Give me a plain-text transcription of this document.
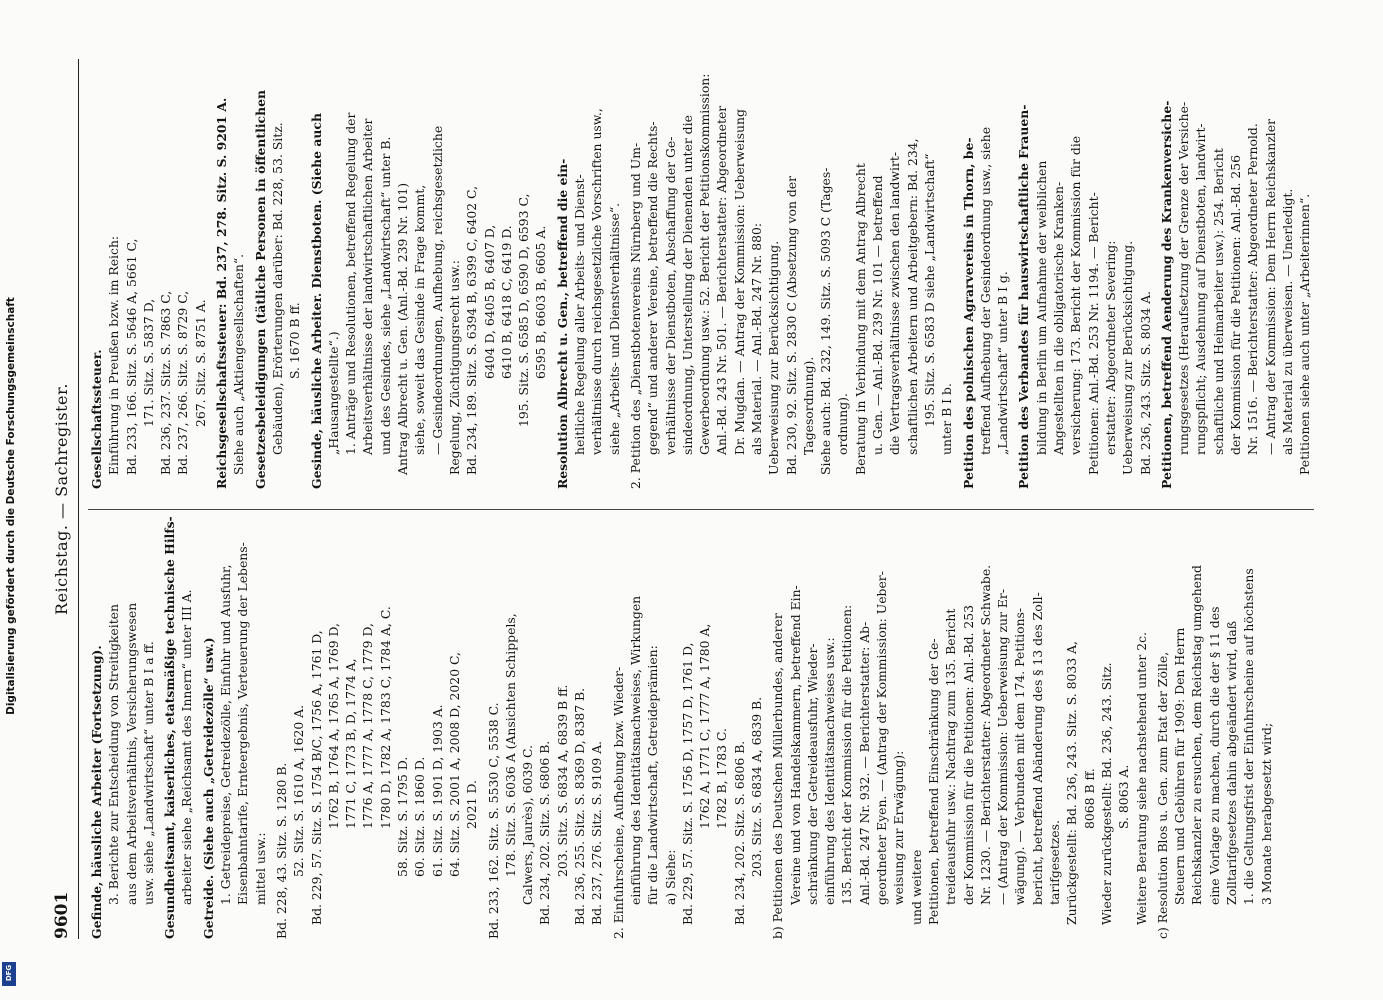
9601
Reichstag. — Sachregister.
Gefinde, häusliche Arbeiter (Fortsetzung). 3. Berichte zur Entscheidung von Streitigkeiten aus dem Arbeitsverhältnis, Versicherungswesen usw. siehe „Landwirtschaft“ unter B I a ff. Gesundheitsamt, kaiserliches, etatsmäßige technische Hilfs- arbeiter siehe „Reichsamt des Innern“ unter III A. Getreide. (Siehe auch „Getreidezölle“ usw.) 1. Getreidepreise, Getreidezölle, Einfuhr und Ausfuhr, Eisenbahntarife, Ernteergebnis, Verteuerung der Lebens- mittel usw.: Bd. 228, 43. Sitz. S. 1280 B. 52. Sitz. S. 1610 A, 1620 A. Bd. 229, 57. Sitz. S. 1754 B/C, 1756 A, 1761 D, 1762 B, 1764 A, 1765 A, 1769 D, 1771 C, 1773 B, D, 1774 A, 1776 A, 1777 A, 1778 C, 1779 D, 1780 D, 1782 A, 1783 C, 1784 A, C. 58. Sitz. S. 1795 D. 60. Sitz. S. 1860 D. 61. Sitz. S. 1901 D, 1903 A. 64. Sitz. S. 2001 A, 2008 D, 2020 C, 2021 D. Bd. 233, 162. Sitz. S. 5530 C, 5538 C. 178. Sitz. S. 6036 A (Ansichten Schippels, Calwers, Jaurès), 6039 C. Bd. 234, 202. Sitz. S. 6806 B. 203. Sitz. S. 6834 A, 6839 B ff. Bd. 236, 255. Sitz. S. 8369 D, 8387 B. Bd. 237, 276. Sitz. S. 9109 A. 2. Einfuhrscheine, Aufhebung bzw. Wieder- einführung des Identitätsnachweises, Wirkungen für die Landwirtschaft, Getreideprämien: a) Siehe: Bd. 229, 57. Sitz. S. 1756 D, 1757 D, 1761 D, 1762 A, 1771 C, 1777 A, 1780 A, 1782 B, 1783 C. Bd. 234, 202. Sitz. S. 6806 B. 203. Sitz. S. 6834 A, 6839 B. b) Petitionen des Deutschen Müllerbundes, anderer Vereine und von Handelskammern, betreffend Ein- schränkung der Getreideausfuhr, Wieder- einführung des Identitätsnachweises usw.: 135. Bericht der Kommission für die Petitionen: Anl.-Bd. 247 Nr. 932. — Berichterstatter: Ab- geordneter Eyen. — (Antrag der Kommission: Ueber- weisung zur Erwägung): und weitere Petitionen, betreffend Einschränkung der Ge- treideausfuhr usw.: Nachtrag zum 135. Bericht der Kommission für die Petitionen: Anl.-Bd. 253 Nr. 1230. — Berichterstatter: Abgeordneter Schwabe. — (Antrag der Kommission: Ueberweisung zur Er- wägung). — Verbunden mit dem 174. Petitions- bericht, betreffend Abänderung des § 13 des Zoll- tarifgesetzes. Zurückgestellt: Bd. 236, 243. Sitz. S. 8033 A, 8068 B ff. Wieder zurückgestellt: Bd. 236, 243. Sitz. S. 8063 A. Weitere Beratung siehe nachstehend unter 2c. c) Resolution Blos u. Gen. zum Etat der Zölle, Steuern und Gebühren für 1909: Den Herrn Reichskanzler zu ersuchen, dem Reichstag umgehend eine Vorlage zu machen, durch die der § 11 des Zolltarifgesetzes dahin abgeändert wird, daß 1. die Geltungsfrist der Einfuhrscheine auf höchstens 3 Monate herabgesetzt wird;
Gesellschaftssteuer. Einführung in Preußen bzw. im Reich: Bd. 233, 166. Sitz. S. 5646 A, 5661 C, 171. Sitz. S. 5837 D, Bd. 236, 237. Sitz. S. 7863 C, Bd. 237, 266. Sitz. S. 8729 C, 267. Sitz. S. 8751 A. Reichsgesellschaftssteuer: Bd. 237, 278. Sitz. S. 9201 A. Siehe auch „Aktiengesellschaften“. Gesetzesbeleidigungen (tätliche Personen in öffentlichen Gebäuden), Erörterungen darüber: Bd. 228, 53. Sitz. S. 1670 B ff. Gesinde, häusliche Arbeiter. Dienstboten. (Siehe auch „Hausangestellte“.) 1. Anträge und Resolutionen, betreffend Regelung der Arbeitsverhältnisse der landwirtschaftlichen Arbeiter und des Gesindes, siehe „Landwirtschaft“ unter B. Antrag Albrecht u. Gen. (Anl.-Bd. 239 Nr. 101) siehe, soweit das Gesinde in Frage kommt, — Gesindeordnungen, Aufhebung, reichsgesetzliche Regelung, Züchtigungsrecht usw.: Bd. 234, 189. Sitz. S. 6394 B, 6399 C, 6402 C, 6404 D, 6405 B, 6407 D, 6410 B, 6418 C, 6419 D. 195. Sitz. S. 6585 D, 6590 D, 6593 C, 6595 B, 6603 B, 6605 A. Resolution Albrecht u. Gen., betreffend die ein- heitliche Regelung aller Arbeits- und Dienst- verhältnisse durch reichsgesetzliche Vorschriften usw., siehe „Arbeits- und Dienstverhältnisse“. 2. Petition des „Dienstbotenvereins Nürnberg und Um- gegend“ und anderer Vereine, betreffend die Rechts- verhältnisse der Dienstboten, Abschaffung der Ge- sindeordnung, Unterstellung der Dienenden unter die Gewerbeordnung usw.: 52. Bericht der Petitionskommission: Anl.-Bd. 243 Nr. 501. — Berichterstatter: Abgeordneter Dr. Mugdan. — Antrag der Kommission: Ueberweisung als Material. — Anl.-Bd. 247 Nr. 880: Ueberweisung zur Berücksichtigung. Bd. 230, 92. Sitz. S. 2830 C (Absetzung von der Tagesordnung). Siehe auch: Bd. 232, 149. Sitz. S. 5093 C (Tages- ordnung). Beratung in Verbindung mit dem Antrag Albrecht u. Gen. — Anl.-Bd. 239 Nr. 101 — betreffend die Vertragsverhältnisse zwischen den landwirt- schaftlichen Arbeitern und Arbeitgebern: Bd. 234, 195. Sitz. S. 6583 D siehe „Landwirtschaft“ unter B I b. Petition des polnischen Agrarvereins in Thorn, be- treffend Aufhebung der Gesindeordnung usw., siehe „Landwirtschaft“ unter B I g. Petition des Verbandes für hauswirtschaftliche Frauen- bildung in Berlin um Aufnahme der weiblichen Angestellten in die obligatorische Kranken- versicherung: 173. Bericht der Kommission für die Petitionen: Anl.-Bd. 253 Nr. 1194. — Bericht- erstatter: Abgeordneter Severing: Ueberweisung zur Berücksichtigung. Bd. 236, 243. Sitz. S. 8034 A. Petitionen, betreffend Aenderung des Krankenversiche- rungsgesetzes (Heraufsetzung der Grenze der Versiche- rungspflicht; Ausdehnung auf Dienstboten, landwirt- schaftliche und Heimarbeiter usw.): 254. Bericht der Kommission für die Petitionen: Anl.-Bd. 256 Nr. 1516. — Berichterstatter: Abgeordneter Pernold. — Antrag der Kommission: Dem Herrn Reichskanzler als Material zu überweisen. — Unerledigt. Petitionen siehe auch unter „Arbeiterinnen“.
Digitalisierung gefördert durch die Deutsche Forschungsgemeinschaft
DFG
